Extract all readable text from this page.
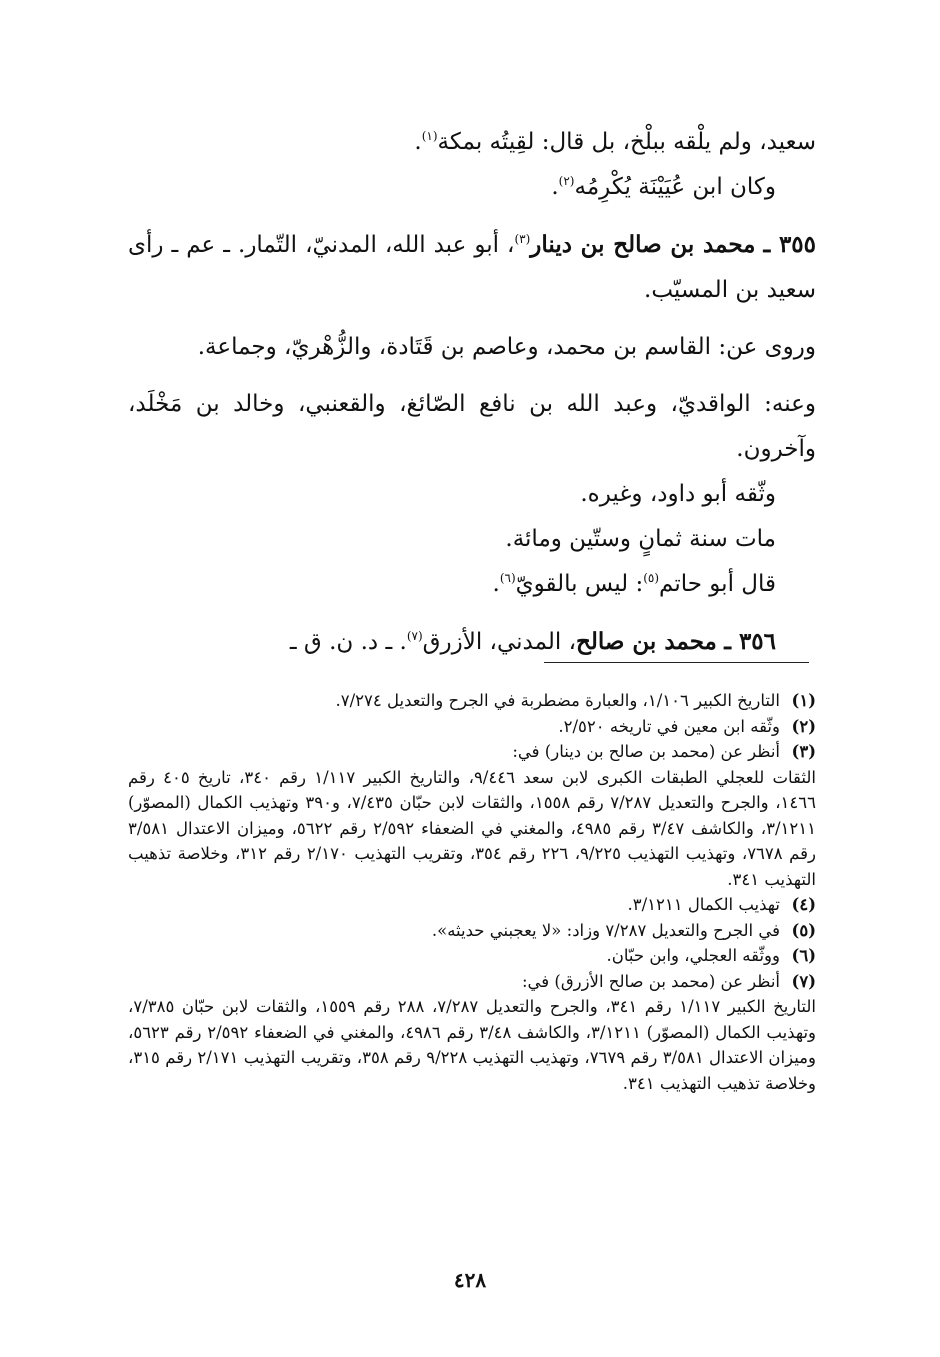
سعيد، ولم يلْقه ببلْخ، بل قال: لقِيتُه بمكة$^{(١)}$.

وكان ابن عُيَيْنَة يُكْرِمُه$^{(٢)}$.

٣٥٥ ـ محمد بن صالح بن دينار$^{(٣)}$، أبو عبد الله، المدنيّ، التّمار. ـ عم ـ رأى سعيد بن المسيّب.

وروى عن: القاسم بن محمد، وعاصم بن قَتَادة، والزُّهْريّ، وجماعة.

وعنه: الواقديّ، وعبد الله بن نافع الصّائغ، والقعنبي، وخالد بن مَخْلَد، وآخرون.

وثّقه أبو داود، وغيره.

مات سنة ثمانٍ وستّين ومائة.

قال أبو حاتم$^{(٥)}$: ليس بالقويّ$^{(٦)}$.

٣٥٦ ـ محمد بن صالح، المدني، الأزرق$^{(٧)}$. ـ د. ن. ق ـ

(١)
التاريخ الكبير ١/١٠٦، والعبارة مضطربة في الجرح والتعديل ٧/٢٧٤.
(٢)
وثّقه ابن معين في تاريخه ٢/٥٢٠.
(٣)
أنظر عن (محمد بن صالح بن دينار) في:
الثقات للعجلي الطبقات الكبرى لابن سعد ٩/٤٤٦، والتاريخ الكبير ١/١١٧ رقم ٣٤٠، تاريخ ٤٠٥ رقم ١٤٦٦، والجرح والتعديل ٧/٢٨٧ رقم ١٥٥٨، والثقات لابن حبّان ٧/٤٣٥، و٣٩٠ وتهذيب الكمال (المصوّر) ٣/١٢١١، والكاشف ٣/٤٧ رقم ٤٩٨٥، والمغني في الضعفاء ٢/٥٩٢ رقم ٥٦٢٢، وميزان الاعتدال ٣/٥٨١ رقم ٧٦٧٨، وتهذيب التهذيب ٩/٢٢٥، ٢٢٦ رقم ٣٥٤، وتقريب التهذيب ٢/١٧٠ رقم ٣١٢، وخلاصة تذهيب التهذيب ٣٤١.
(٤)
تهذيب الكمال ٣/١٢١١.
(٥)
في الجرح والتعديل ٧/٢٨٧ وزاد: «لا يعجبني حديثه».
(٦)
ووثّقه العجلي، وابن حبّان.
(٧)
أنظر عن (محمد بن صالح الأزرق) في:
التاريخ الكبير ١/١١٧ رقم ٣٤١، والجرح والتعديل ٧/٢٨٧، ٢٨٨ رقم ١٥٥٩، والثقات لابن حبّان ٧/٣٨٥، وتهذيب الكمال (المصوّر) ٣/١٢١١، والكاشف ٣/٤٨ رقم ٤٩٨٦، والمغني في الضعفاء ٢/٥٩٢ رقم ٥٦٢٣، وميزان الاعتدال ٣/٥٨١ رقم ٧٦٧٩، وتهذيب التهذيب ٩/٢٢٨ رقم ٣٥٨، وتقريب التهذيب ٢/١٧١ رقم ٣١٥، وخلاصة تذهيب التهذيب ٣٤١.
٤٢٨
